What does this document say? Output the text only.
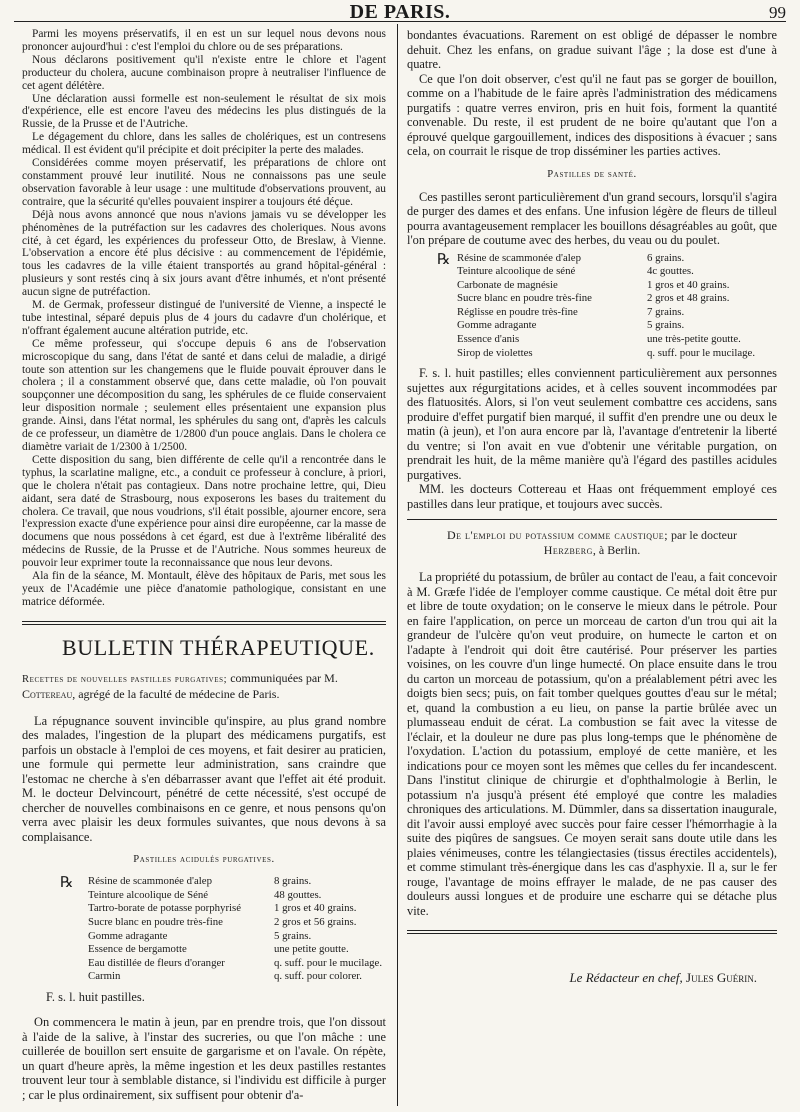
DE PARIS.	99

Parmi les moyens préservatifs, il en est un sur lequel nous devons nous prononcer aujourd'hui : c'est l'emploi du chlore ou de ses préparations.

Nous déclarons positivement qu'il n'existe entre le chlore et l'agent producteur du cholera, aucune combinaison propre à neutraliser l'influence de cet agent délétère.

Une déclaration aussi formelle est non-seulement le résultat de six mois d'expérience, elle est encore l'aveu des médecins les plus distingués de la Russie, de la Prusse et de l'Autriche.

Le dégagement du chlore, dans les salles de cholériques, est un contresens médical. Il est évident qu'il précipite et doit précipiter la perte des malades.

Considérées comme moyen préservatif, les préparations de chlore ont constamment prouvé leur inutilité. Nous ne connaissons pas une seule observation favorable à leur usage : une multitude d'observations prouvent, au contraire, que la sécurité qu'elles pouvaient inspirer a toujours été déçue.

Déjà nous avons annoncé que nous n'avions jamais vu se développer les phénomènes de la putréfaction sur les cadavres des choleriques. Nous avons cité, à cet égard, les expériences du professeur Otto, de Breslaw, à Vienne. L'observation a encore été plus décisive : au commencement de l'épidémie, tous les cadavres de la ville étaient transportés au grand hôpital-général : plusieurs y sont restés cinq à six jours avant d'être inhumés, et n'ont présenté aucun signe de putréfaction.

M. de Germak, professeur distingué de l'université de Vienne, a inspecté le tube intestinal, séparé depuis plus de 4 jours du cadavre d'un cholérique, et n'offrant également aucune altération putride, etc.

Ce même professeur, qui s'occupe depuis 6 ans de l'observation microscopique du sang, dans l'état de santé et dans celui de maladie, a dirigé toute son attention sur les changemens que le fluide pouvait éprouver dans le cholera ; il a constamment observé que, dans cette maladie, où l'on pouvait soupçonner une décomposition du sang, les sphérules de ce fluide conservaient leur disposition normale ; seulement elles présentaient une expansion plus grande. Ainsi, dans l'état normal, les sphérules du sang ont, d'après les calculs de ce professeur, un diamètre de 1/2800 d'un pouce anglais. Dans le cholera ce diamètre variait de 1/2300 à 1/2500.

Cette disposition du sang, bien différente de celle qu'il a rencontrée dans le typhus, la scarlatine maligne, etc., a conduit ce professeur à conclure, à priori, que le cholera n'était pas contagieux. Dans notre prochaine lettre, qui, Dieu aidant, sera daté de Strasbourg, nous exposerons les bases du traitement du cholera. Ce travail, que nous voudrions, s'il était possible, ajourner encore, sera l'expression exacte d'une expérience pour ainsi dire européenne, car la masse de documens que nous possédons à cet égard, est due à l'extrême libéralité des médecins de Russie, de la Prusse et de l'Autriche. Nous sommes heureux de pouvoir leur exprimer toute la reconnaissance que nous leur devons.

Ala fin de la séance, M. Montault, élève des hôpitaux de Paris, met sous les yeux de l'Académie une pièce d'anatomie pathologique, consistant en une matrice déformée.

BULLETIN THÉRAPEUTIQUE.
Recettes de nouvelles pastilles purgatives; communiquées par M. Cottereau, agrégé de la faculté de médecine de Paris.

La répugnance souvent invincible qu'inspire, au plus grand nombre des malades, l'ingestion de la plupart des médicamens purgatifs, est parfois un obstacle à l'emploi de ces moyens, et fait desirer au praticien, une formule qui permette leur administration, sans craindre que l'estomac ne cherche à s'en débarrasser avant que l'effet ait été produit. M. le docteur Delvincourt, pénétré de cette nécessité, s'est occupé de chercher de nouvelles combinaisons en ce genre, et nous pensons qu'on verra avec plaisir les deux formules suivantes, que nous devons à sa complaisance.

Pastilles acidulés purgatives.
℞	Résine de scammonée d'alep	8 grains.
Teinture alcoolique de Séné	48 gouttes.
Tartro-borate de potasse porphyrisé	1 gros et 40 grains.
Sucre blanc en poudre très-fine	2 gros et 56 grains.
Gomme adragante	5 grains.
Essence de bergamotte	une petite goutte.
Eau distillée de fleurs d'oranger	q. suff. pour le mucilage.
Carmin	q. suff. pour colorer.
F. s. l. huit pastilles.

On commencera le matin à jeun, par en prendre trois, que l'on dissout à l'aide de la salive, à l'instar des sucreries, ou que l'on mâche : une cuillerée de bouillon sert ensuite de gargarisme et on l'avale. On répète, un quart d'heure après, la même ingestion et les deux pastilles restantes trouvent leur tour à semblable distance, si l'individu est difficile à purger ; car le plus ordinairement, six suffisent pour obtenir d'a-

bondantes évacuations. Rarement on est obligé de dépasser le nombre dehuit. Chez les enfans, on gradue suivant l'âge ; la dose est d'une à quatre.

Ce que l'on doit observer, c'est qu'il ne faut pas se gorger de bouillon, comme on a l'habitude de le faire après l'administration des médicamens purgatifs : quatre verres environ, pris en huit fois, forment la quantité convenable. Du reste, il est prudent de ne boire qu'autant que l'on a éprouvé quelque gargouillement, indices des dispositions à évacuer ; sans cela, on courrait le risque de trop disséminer les parties actives.

Pastilles de santé.

Ces pastilles seront particulièrement d'un grand secours, lorsqu'il s'agira de purger des dames et des enfans. Une infusion légère de fleurs de tilleul pourra avantageusement remplacer les bouillons désagréables au goût, que l'on prépare de coutume avec des herbes, du veau ou du poulet.

℞ Résine de scammonée d'alep	6 grains.
Teinture alcoolique de séné	4c gouttes.
Carbonate de magnésie	1 gros et 40 grains.
Sucre blanc en poudre très-fine	2 gros et 48 grains.
Réglisse en poudre très-fine	7 grains.
Gomme adragante	5 grains.
Essence d'anis	une très-petite goutte.
Sirop de violettes	q. suff. pour le mucilage.

F. s. l. huit pastilles; elles conviennent particulièrement aux personnes sujettes aux régurgitations acides, et à celles souvent incommodées par des flatuosités. Alors, si l'on veut seulement combattre ces accidens, sans produire d'effet purgatif bien marqué, il suffit d'en prendre une ou deux le matin (à jeun), et l'on aura encore par là, l'avantage d'entretenir la liberté du ventre; si l'on avait en vue d'obtenir une véritable purgation, on prendrait les huit, de la même manière qu'à l'égard des pastilles acidules purgatives.

MM. les docteurs Cottereau et Haas ont fréquemment employé ces pastilles dans leur pratique, et toujours avec succès.

De l'emploi du potassium comme caustique; par le docteur
Herzberg, à Berlin.

La propriété du potassium, de brûler au contact de l'eau, a fait concevoir à M. Græfe l'idée de l'employer comme caustique. Ce métal doit être pur et libre de toute oxydation; on le conserve le mieux dans le pétrole. Pour en faire l'application, on perce un morceau de carton d'un trou qui ait la grandeur de l'ulcère qu'on veut produire, on humecte le carton et on l'adapte à l'endroit qui doit être cautérisé. Pour préserver les parties voisines, on les couvre d'un linge humecté. On place ensuite dans le trou du carton un morceau de potassium, qu'on a préalablement pétri avec les doigts bien secs; puis, on fait tomber quelques gouttes d'eau sur le métal; et, quand la combustion a eu lieu, on panse la partie brûlée avec un plumasseau enduit de cérat. La combustion se fait avec la vitesse de l'éclair, et la douleur ne dure pas plus long-temps que le phénomène de l'oxydation. L'action du potassium, employé de cette manière, et les indications pour ce moyen sont les mêmes que celles du fer incandescent. Dans l'institut clinique de chirurgie et d'ophthalmologie à Berlin, le potassium n'a jusqu'à présent été employé que contre les maladies chroniques des articulations. M. Dümmler, dans sa dissertation inaugurale, dit l'avoir aussi employé avec succès pour faire cesser l'hémorrhagie à la suite des piqûres de sangsues. Ce moyen serait sans doute utile dans les plaies vénimeuses, contre les télangiectasies (tissus érectiles accidentels), et comme stimulant très-énergique dans les cas d'asphyxie. Il a, sur le fer rouge, l'avantage de moins effrayer le malade, de ne pas causer des douleurs aussi longues et de produire une escharre qui se détache plus vite.

Le Rédacteur en chef, Jules Guérin.
